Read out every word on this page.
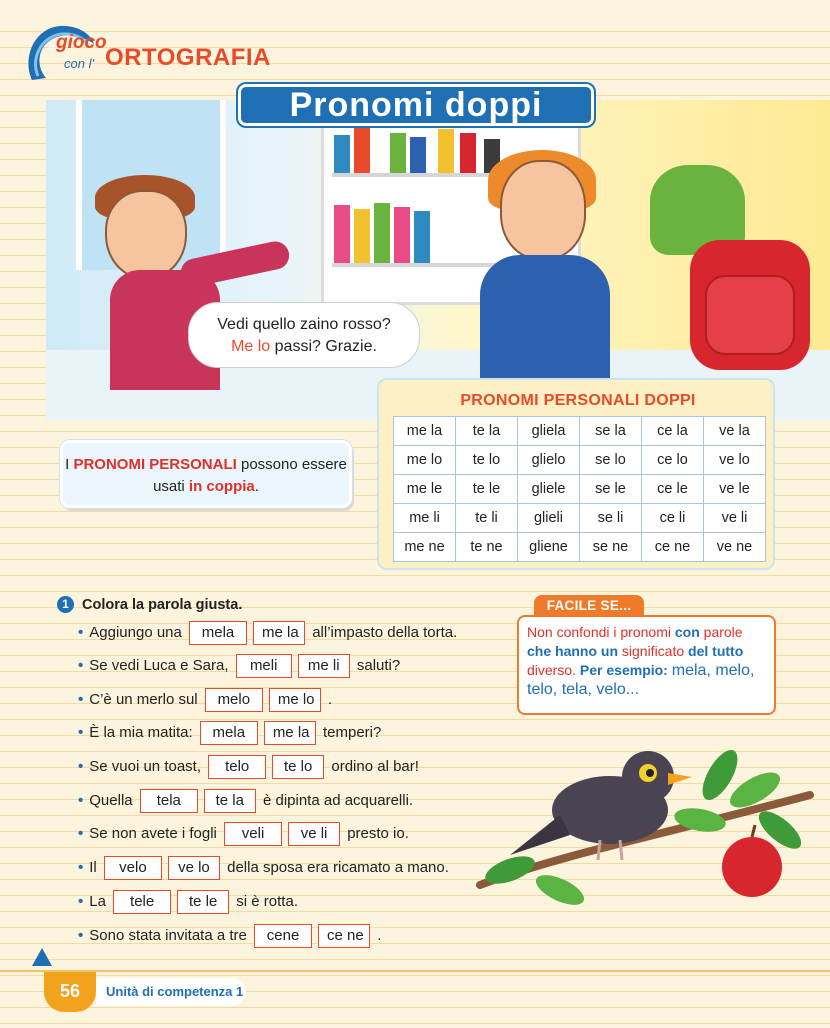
in
gioco
con l' ORTOGRAFIA
Pronomi doppi
Vedi quello zaino rosso?
Me lo passi? Grazie.
I PRONOMI PERSONALI possono essere usati in coppia.
PRONOMI PERSONALI DOPPI
me la	te la	gliela	se la	ce la	ve la
me lo	te lo	glielo	se lo	ce lo	ve lo
me le	te le	gliele	se le	ce le	ve le
me li	te li	glieli	se li	ce li	ve li
me ne	te ne	gliene	se ne	ce ne	ve ne
1 Colora la parola giusta.
• Aggiungo una mela me la all’impasto della torta.
• Se vedi Luca e Sara, meli me li saluti?
• C’è un merlo sul melo me lo .
• È la mia matita: mela me la temperi?
• Se vuoi un toast, telo te lo ordino al bar!
• Quella tela te la è dipinta ad acquarelli.
• Se non avete i fogli veli ve li presto io.
• Il velo ve lo della sposa era ricamato a mano.
• La tele te le si è rotta.
• Sono stata invitata a tre cene ce ne .
FACILE SE...
Non confondi i pronomi con parole che hanno un significato del tutto diverso. Per esempio: mela, melo, telo, tela, velo...
56	Unità di competenza 1
